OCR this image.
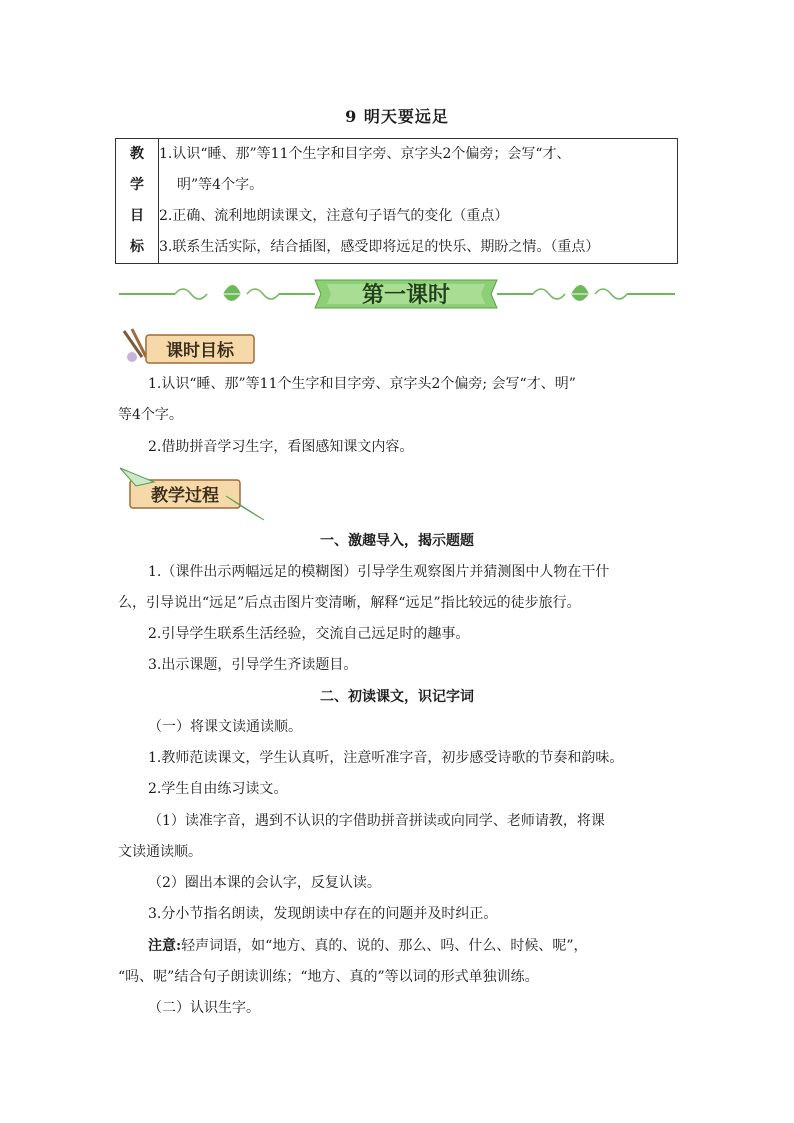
9 明天要远足
教
学
目
标

1.认识“睡、那”等11个生字和目字旁、京字头2个偏旁；会写“才、
明”等4个字。
2.正确、流利地朗读课文，注意句子语气的变化（重点）
3.联系生活实际，结合插图，感受即将远足的快乐、期盼之情。（重点）
第一课时
课时目标
1.认识“睡、那”等11个生字和目字旁、京字头2个偏旁; 会写“才、明”
等4个字。
2.借助拼音学习生字，看图感知课文内容。
教学过程
一、激趣导入，揭示题题
1.（课件出示两幅远足的模糊图）引导学生观察图片并猜测图中人物在干什
么，引导说出“远足”后点击图片变清晰，解释“远足”指比较远的徒步旅行。
2.引导学生联系生活经验，交流自己远足时的趣事。
3.出示课题，引导学生齐读题目。
二、初读课文，识记字词
（一）将课文读通读顺。
1.教师范读课文，学生认真听，注意听准字音，初步感受诗歌的节奏和韵味。
2.学生自由练习读文。
（1）读准字音，遇到不认识的字借助拼音拼读或向同学、老师请教，将课
文读通读顺。
（2）圈出本课的会认字，反复认读。
3.分小节指名朗读，发现朗读中存在的问题并及时纠正。
注意:轻声词语，如“地方、真的、说的、那么、吗、什么、时候、呢”，
“吗、呢”结合句子朗读训练；“地方、真的”等以词的形式单独训练。
（二）认识生字。
